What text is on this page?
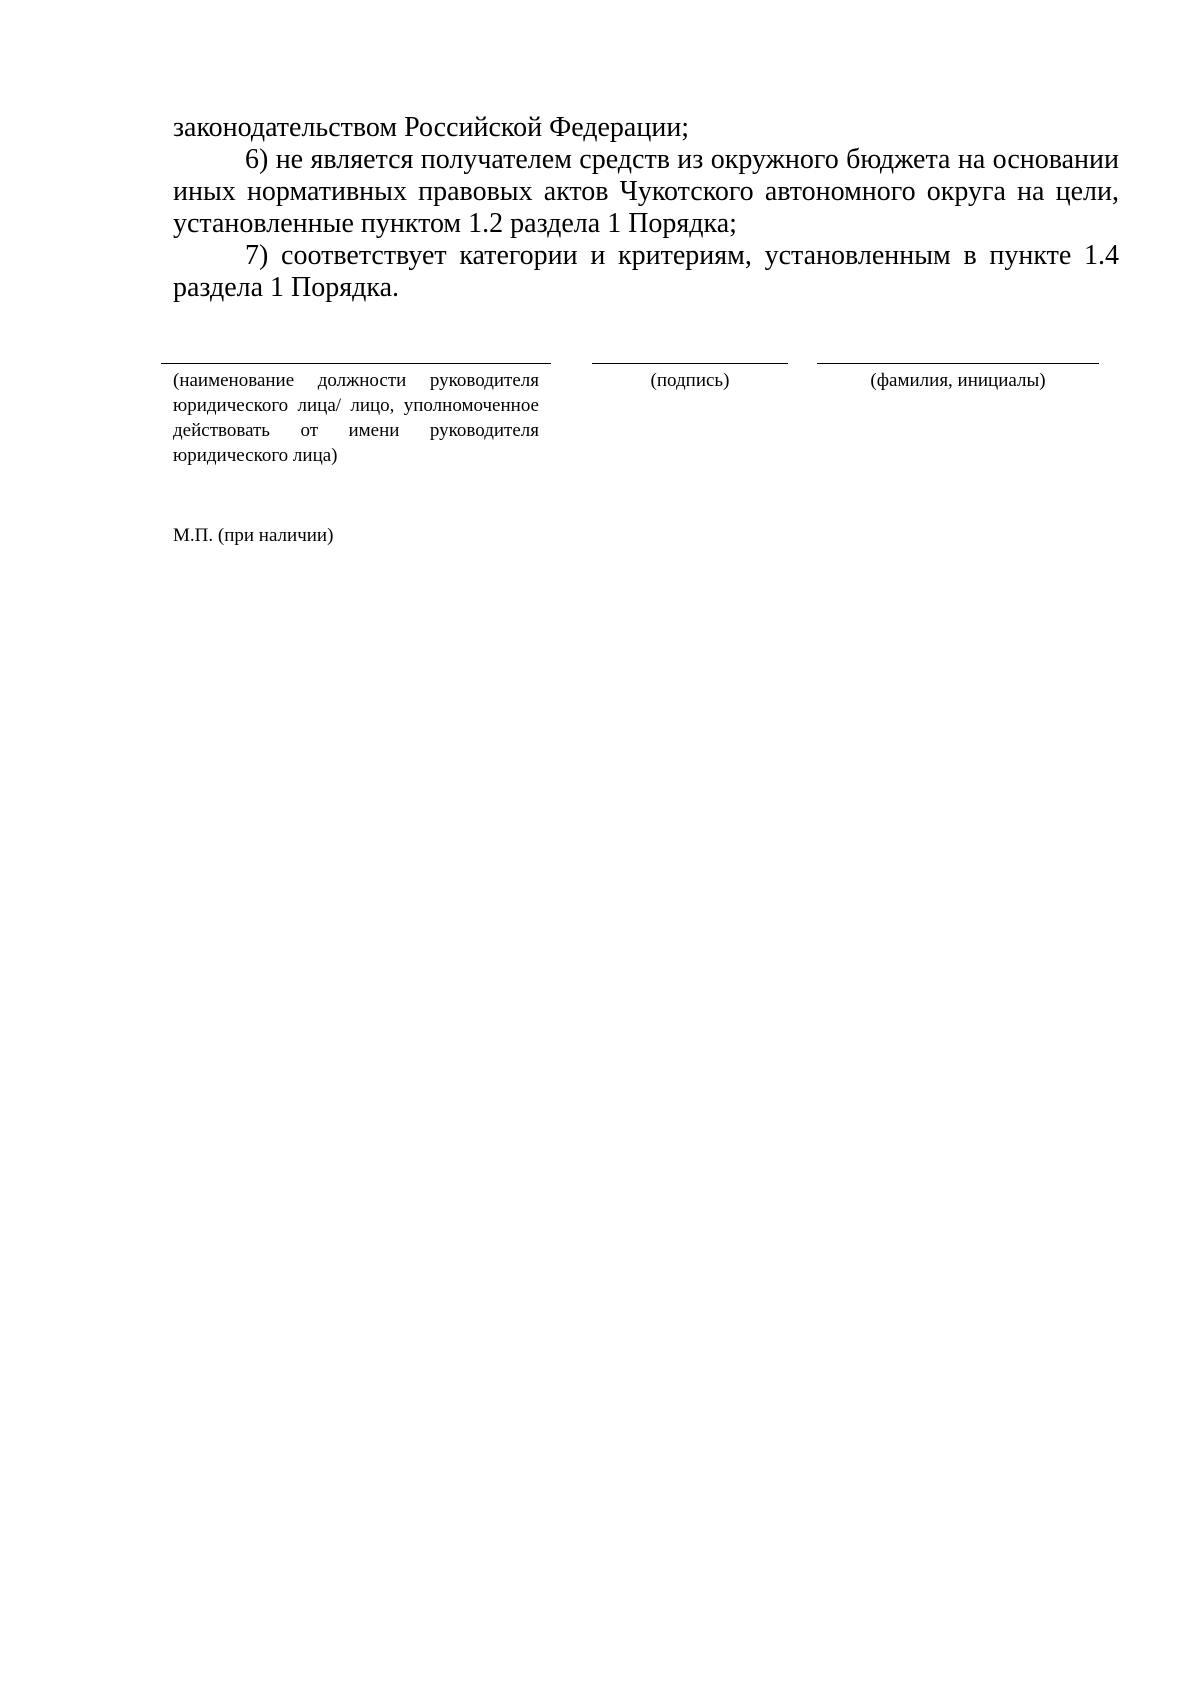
законодательством Российской Федерации;

6) не является получателем средств из окружного бюджета на основании иных нормативных правовых актов Чукотского автономного округа на цели, установленные пунктом 1.2 раздела 1 Порядка;

7) соответствует категории и критериям, установленным в пункте 1.4 раздела 1 Порядка.

(наименование должности руководителя юридического лица/ лицо, уполномоченное действовать от имени руководителя юридического лица)
(подпись)	(фамилия, инициалы)
М.П. (при наличии)
